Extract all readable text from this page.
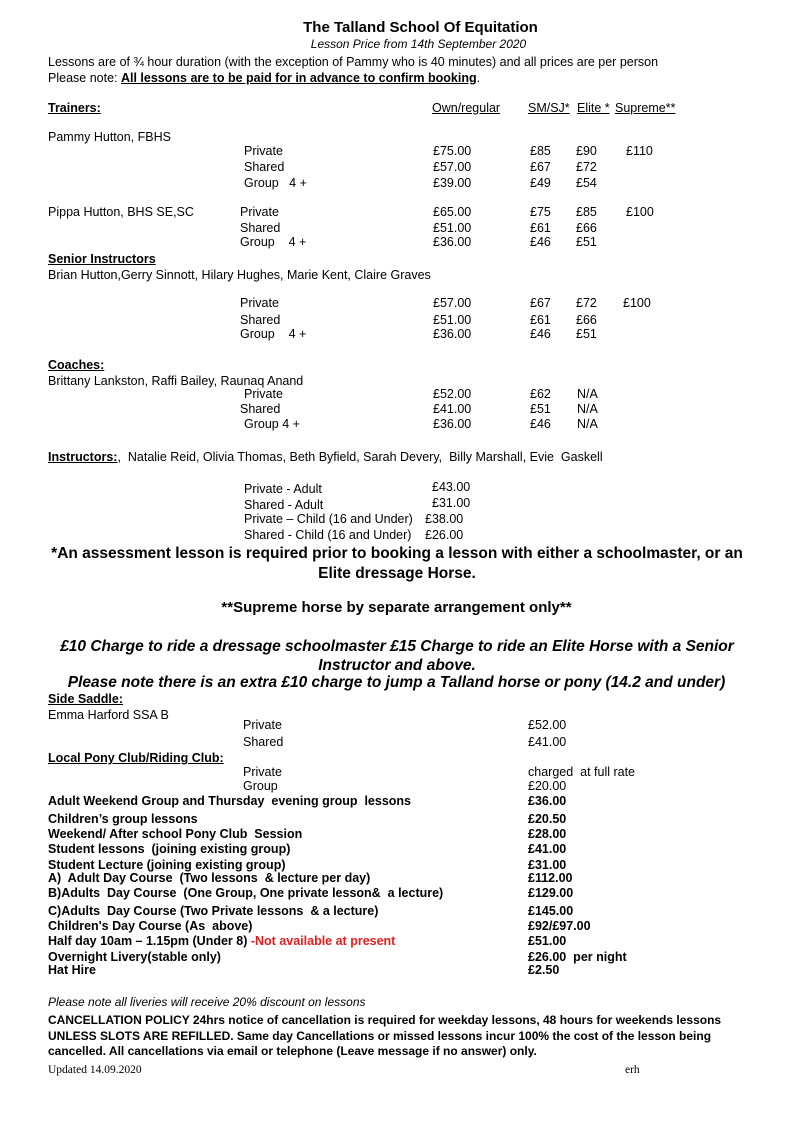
The Talland School Of Equitation
Lesson Price from 14th September 2020
Lessons are of ¾ hour duration (with the exception of Pammy who is 40 minutes) and all prices are per person
Please note: All lessons are to be paid for in advance to confirm booking.
Trainers:	Own/regular SM/SJ* Elite * Supreme**
Pammy Hutton, FBHS
Private	£75.00	£85 £90 £110
Shared	£57.00	£67 £72
Group   4 +	£39.00	£49 £54
Pippa Hutton, BHS SE,SC	Private	£65.00	£75 £85 £100
Shared	£51.00	£61 £66
Group    4 +	£36.00	£46 £51
Senior Instructors
Brian Hutton,Gerry Sinnott, Hilary Hughes, Marie Kent, Claire Graves
Private	£57.00	£67 £72 £100
Shared	£51.00	£61 £66
Group    4 +	£36.00	£46 £51
Coaches:
Brittany Lankston, Raffi Bailey, Raunaq Anand
Private	£52.00	£62 N/A
Shared	£41.00	£51 N/A
Group 4 +	£36.00	£46 N/A
Instructors:,  Natalie Reid, Olivia Thomas, Beth Byfield, Sarah Devery,  Billy Marshall, Evie  Gaskell
Private - Adult	£43.00
Shared - Adult	£31.00
Private – Child (16 and Under) £38.00
Shared - Child (16 and Under) £26.00
*An assessment lesson is required prior to booking a lesson with either a schoolmaster, or an Elite dressage Horse.
**Supreme horse by separate arrangement only**
£10 Charge to ride a dressage schoolmaster £15 Charge to ride an Elite Horse with a Senior Instructor and above.
Please note there is an extra £10 charge to jump a Talland horse or pony (14.2 and under)
Side Saddle:
Emma Harford SSA B
Private	£52.00
Shared	£41.00
Local Pony Club/Riding Club:
Private	charged  at full rate
Group	£20.00
Adult Weekend Group and Thursday  evening group  lessons	£36.00
Children’s group lessons	£20.50
Weekend/ After school Pony Club  Session	£28.00
Student lessons  (joining existing group)	£41.00
Student Lecture (joining existing group)	£31.00
A)  Adult Day Course  (Two lessons  & lecture per day)	£112.00
B)Adults  Day Course  (One Group, One private lesson&  a lecture)	£129.00
C)Adults  Day Course (Two Private lessons  & a lecture)	£145.00
Children's Day Course (As  above)	£92/£97.00
Half day 10am – 1.15pm (Under 8) -Not available at present	£51.00
Overnight Livery(stable only)	£26.00  per night
Hat Hire	£2.50
Please note all liveries will receive 20% discount on lessons
CANCELLATION POLICY 24hrs notice of cancellation is required for weekday lessons, 48 hours for weekends lessons UNLESS SLOTS ARE REFILLED. Same day Cancellations or missed lessons incur 100% the cost of the lesson being cancelled. All cancellations via email or telephone (Leave message if no answer) only.
Updated 14.09.2020	erh
